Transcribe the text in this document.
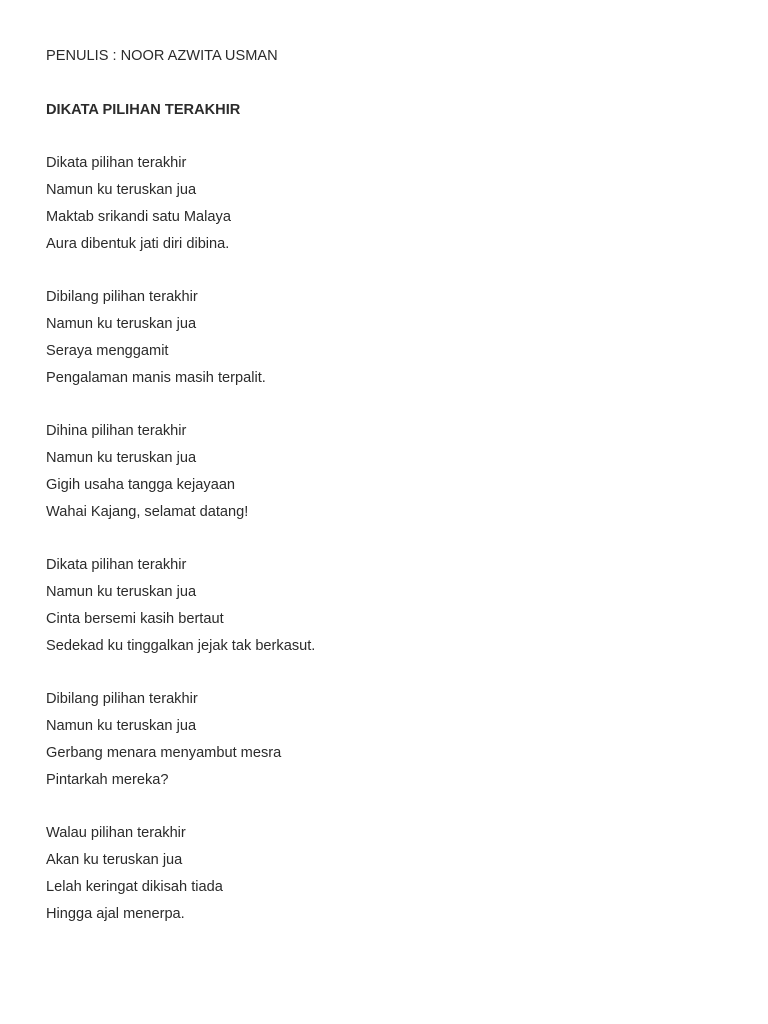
PENULIS : NOOR AZWITA USMAN
DIKATA PILIHAN TERAKHIR
Dikata pilihan terakhir
Namun ku teruskan jua
Maktab srikandi satu Malaya
Aura dibentuk jati diri dibina.
Dibilang pilihan terakhir
Namun ku teruskan jua
Seraya menggamit
Pengalaman manis masih terpalit.
Dihina pilihan terakhir
Namun ku teruskan jua
Gigih usaha tangga kejayaan
Wahai Kajang, selamat datang!
Dikata pilihan terakhir
Namun ku teruskan jua
Cinta bersemi kasih bertaut
Sedekad ku tinggalkan jejak tak berkasut.
Dibilang pilihan terakhir
Namun ku teruskan jua
Gerbang menara menyambut mesra
Pintarkah mereka?
Walau pilihan terakhir
Akan ku teruskan jua
Lelah keringat dikisah tiada
Hingga ajal menerpa.
